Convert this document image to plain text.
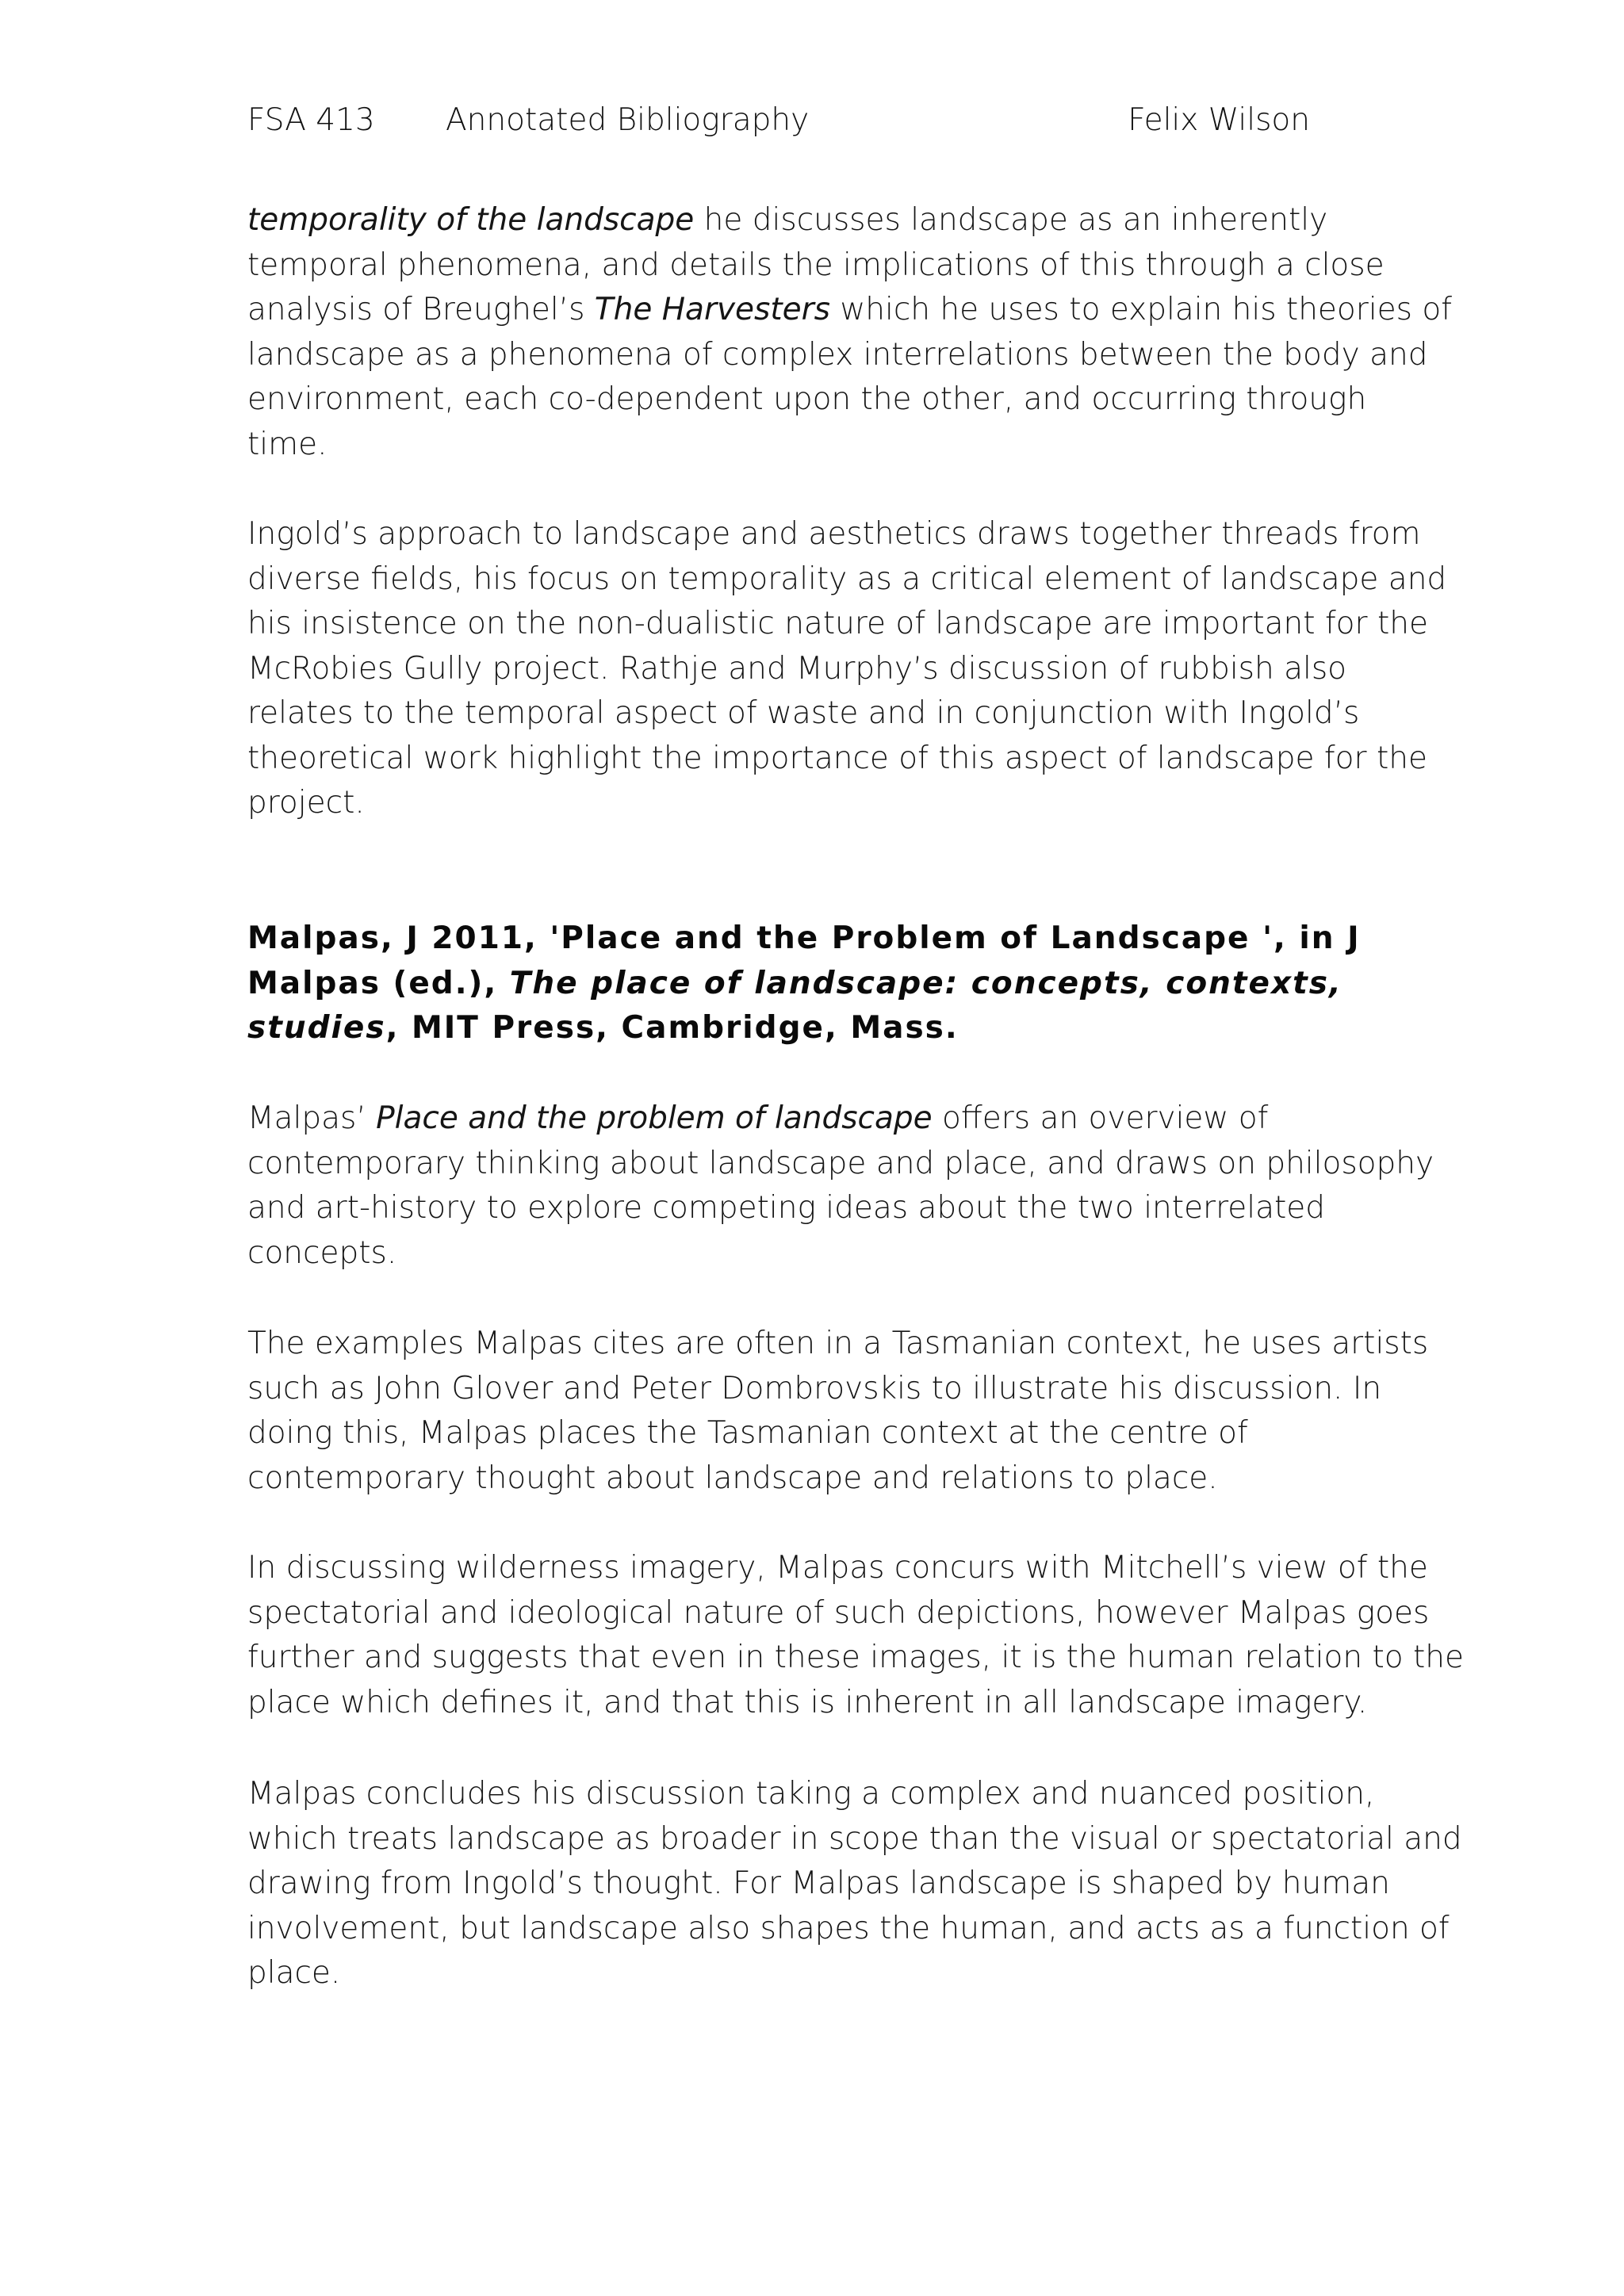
FSA 413 Annotated Bibliography	Felix Wilson

temporality of the landscape he discusses landscape as an inherently

temporal phenomena, and details the implications of this through a close

analysis of Breughel’s The Harvesters which he uses to explain his theories of

landscape as a phenomena of complex interrelations between the body and

environment, each co-dependent upon the other, and occurring through

time.

Ingold’s approach to landscape and aesthetics draws together threads from

diverse fields, his focus on temporality as a critical element of landscape and

his insistence on the non-dualistic nature of landscape are important for the

McRobies Gully project. Rathje and Murphy’s discussion of rubbish also

relates to the temporal aspect of waste and in conjunction with Ingold’s

theoretical work highlight the importance of this aspect of landscape for the

project.

Malpas, J 2011, 'Place and the Problem of Landscape ', in J

Malpas (ed.), The place of landscape: concepts, contexts,

studies, MIT Press, Cambridge, Mass.

Malpas’ Place and the problem of landscape offers an overview of

contemporary thinking about landscape and place, and draws on philosophy

and art-history to explore competing ideas about the two interrelated

concepts.

The examples Malpas cites are often in a Tasmanian context, he uses artists

such as John Glover and Peter Dombrovskis to illustrate his discussion. In

doing this, Malpas places the Tasmanian context at the centre of

contemporary thought about landscape and relations to place.

In discussing wilderness imagery, Malpas concurs with Mitchell’s view of the

spectatorial and ideological nature of such depictions, however Malpas goes

further and suggests that even in these images, it is the human relation to the

place which defines it, and that this is inherent in all landscape imagery.

Malpas concludes his discussion taking a complex and nuanced position,

which treats landscape as broader in scope than the visual or spectatorial and

drawing from Ingold’s thought. For Malpas landscape is shaped by human

involvement, but landscape also shapes the human, and acts as a function of

place.
